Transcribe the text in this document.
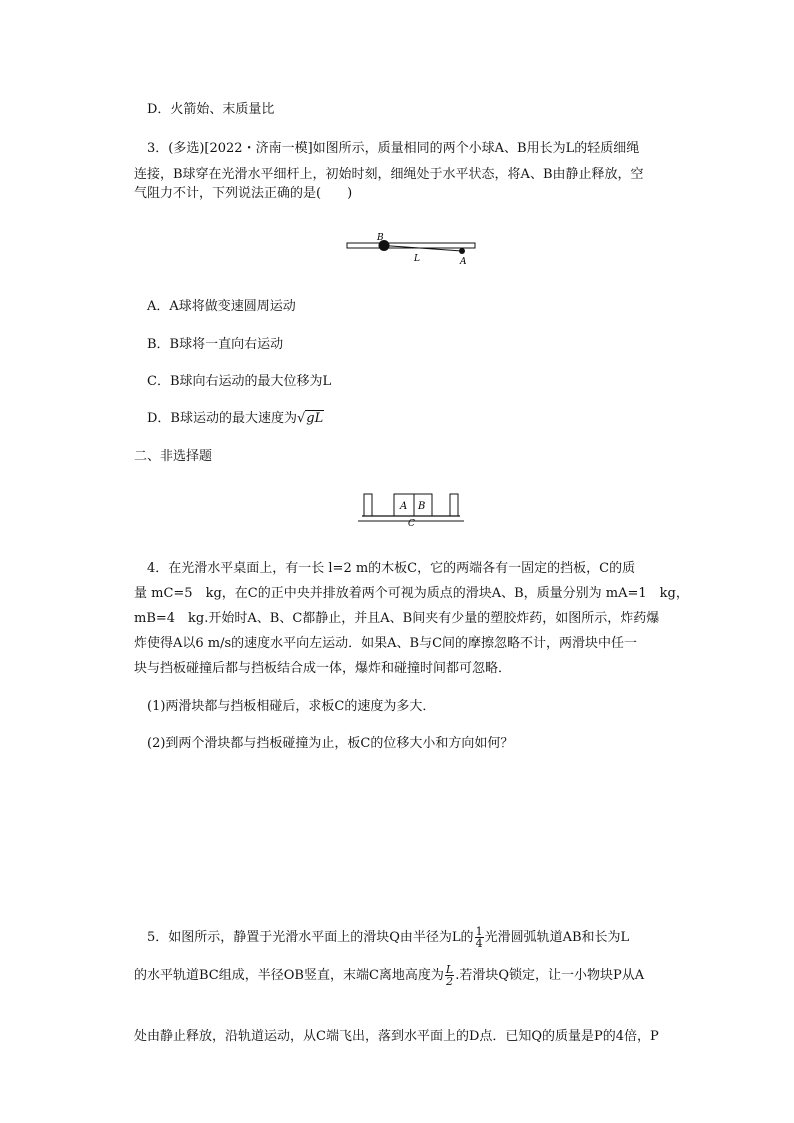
D．火箭始、末质量比
3．(多选)[2022・济南一模]如图所示，质量相同的两个小球A、B用长为L的轻质细绳
连接，B球穿在光滑水平细杆上，初始时刻，细绳处于水平状态，将A、B由静止释放，空
气阻力不计，下列说法正确的是(　　)
B
L	A
A．A球将做变速圆周运动
B．B球将一直向右运动
C．B球向右运动的最大位移为L
D．B球运动的最大速度为√gL
二、非选择题
A B
C
4．在光滑水平桌面上，有一长 l=2 m的木板C，它的两端各有一固定的挡板，C的质
量 mC=5　kg，在C的正中央并排放着两个可视为质点的滑块A、B，质量分别为 mA=1　kg，
mB=4　kg.开始时A、B、C都静止，并且A、B间夹有少量的塑胶炸药，如图所示，炸药爆
炸使得A以6 m/s的速度水平向左运动．如果A、B与C间的摩擦忽略不计，两滑块中任一
块与挡板碰撞后都与挡板结合成一体，爆炸和碰撞时间都可忽略．
(1)两滑块都与挡板相碰后，求板C的速度为多大．
(2)到两个滑块都与挡板碰撞为止，板C的位移大小和方向如何？
5．如图所示，静置于光滑水平面上的滑块Q由半径为L的 $\frac{1}{4}$ 光滑圆弧轨道AB和长为L
的水平轨道BC组成，半径OB竖直，末端C离地高度为 $\frac{L}{2}$ .若滑块Q锁定，让一小物块P从A
处由静止释放，沿轨道运动，从C端飞出，落到水平面上的D点．已知Q的质量是P的4倍，P
